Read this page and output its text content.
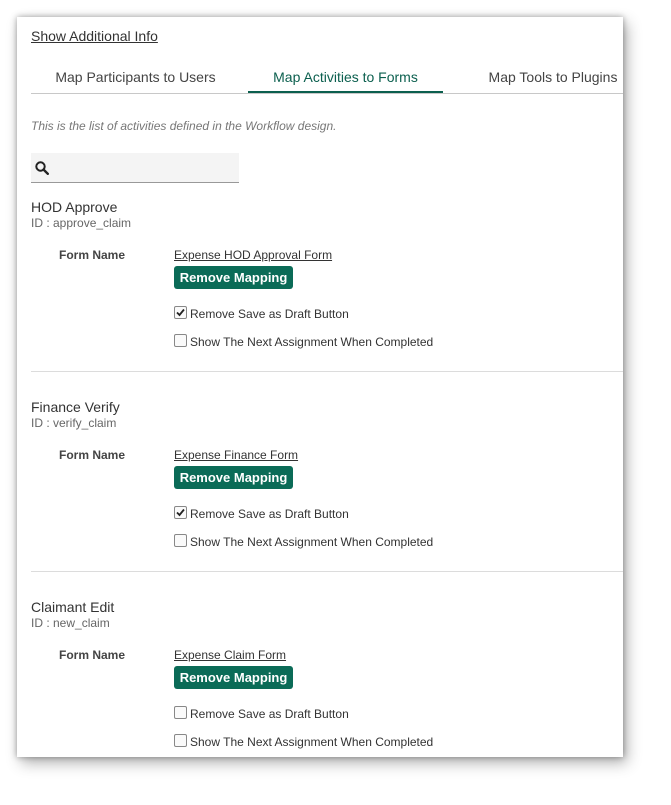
Show Additional Info
Map Participants to Users	Map Activities to Forms	Map Tools to Plugins
This is the list of activities defined in the Workflow design.
HOD Approve
ID : approve_claim
Form Name	Expense HOD Approval Form
Remove Mapping
Remove Save as Draft Button
Show The Next Assignment When Completed
Finance Verify
ID : verify_claim
Form Name	Expense Finance Form
Remove Mapping
Remove Save as Draft Button
Show The Next Assignment When Completed
Claimant Edit
ID : new_claim
Form Name	Expense Claim Form
Remove Mapping
Remove Save as Draft Button
Show The Next Assignment When Completed
